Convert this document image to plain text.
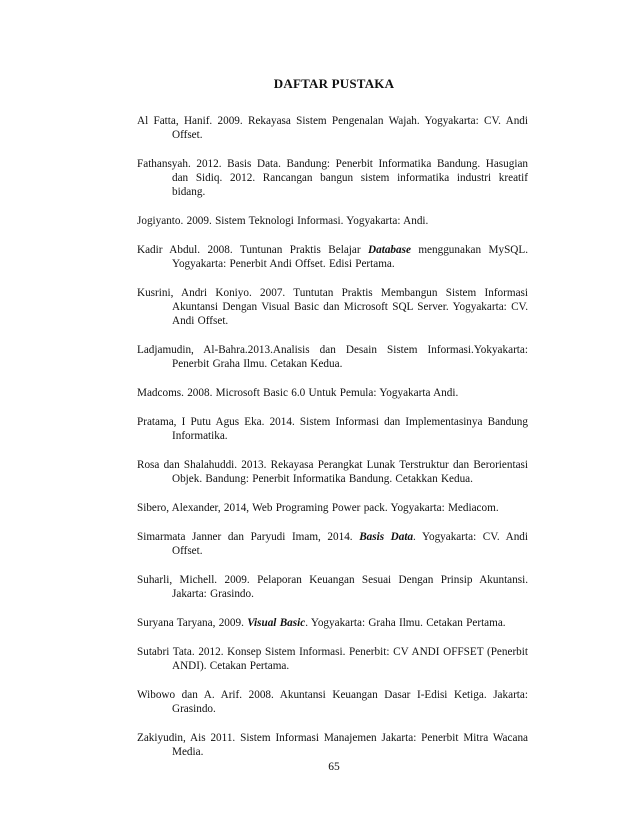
DAFTAR PUSTAKA

Al Fatta, Hanif. 2009. Rekayasa Sistem Pengenalan Wajah. Yogyakarta: CV. Andi Offset.

Fathansyah. 2012. Basis Data. Bandung: Penerbit Informatika Bandung. Hasugian dan Sidiq. 2012. Rancangan bangun sistem informatika industri kreatif bidang.

Jogiyanto. 2009. Sistem Teknologi Informasi. Yogyakarta: Andi.

Kadir Abdul. 2008. Tuntunan Praktis Belajar Database menggunakan MySQL. Yogyakarta: Penerbit Andi Offset. Edisi Pertama.

Kusrini, Andri Koniyo. 2007. Tuntutan Praktis Membangun Sistem Informasi Akuntansi Dengan Visual Basic dan Microsoft SQL Server. Yogyakarta: CV. Andi Offset.

Ladjamudin, Al-Bahra.2013.Analisis dan Desain Sistem Informasi.Yokyakarta: Penerbit Graha Ilmu. Cetakan Kedua.

Madcoms. 2008. Microsoft Basic 6.0 Untuk Pemula: Yogyakarta Andi.

Pratama, I Putu Agus Eka. 2014. Sistem Informasi dan Implementasinya Bandung Informatika.

Rosa dan Shalahuddi. 2013. Rekayasa Perangkat Lunak Terstruktur dan Berorientasi Objek. Bandung: Penerbit Informatika Bandung. Cetakkan Kedua.

Sibero, Alexander, 2014, Web Programing Power pack. Yogyakarta: Mediacom.

Simarmata Janner dan Paryudi Imam, 2014. Basis Data. Yogyakarta: CV. Andi Offset.

Suharli, Michell. 2009. Pelaporan Keuangan Sesuai Dengan Prinsip Akuntansi. Jakarta: Grasindo.

Suryana Taryana, 2009. Visual Basic. Yogyakarta: Graha Ilmu. Cetakan Pertama.

Sutabri Tata. 2012. Konsep Sistem Informasi. Penerbit: CV ANDI OFFSET (Penerbit ANDI). Cetakan Pertama.

Wibowo dan A. Arif. 2008. Akuntansi Keuangan Dasar I-Edisi Ketiga. Jakarta: Grasindo.

Zakiyudin, Ais 2011. Sistem Informasi Manajemen Jakarta: Penerbit Mitra Wacana Media.

65
